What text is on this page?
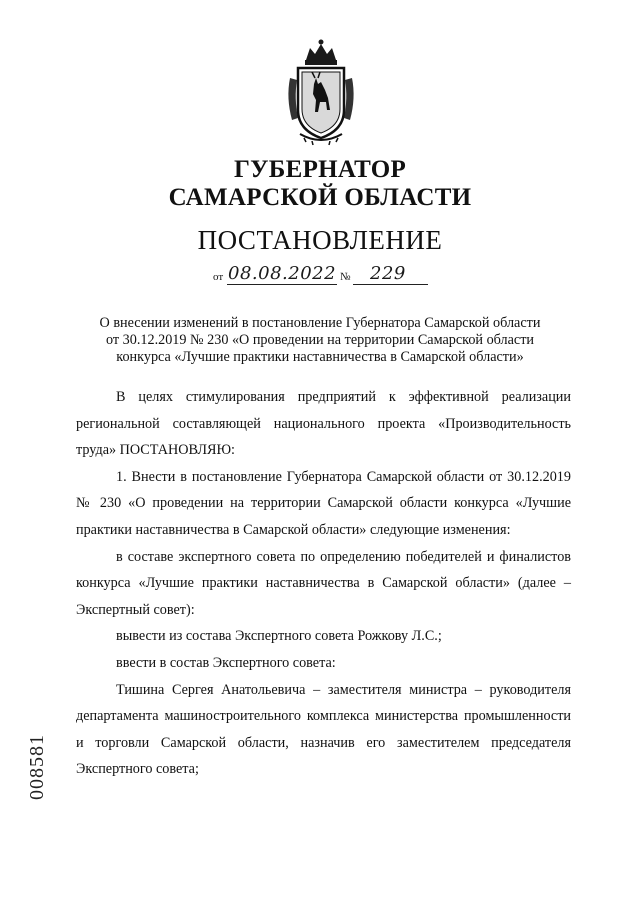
ГУБЕРНАТОР
САМАРСКОЙ ОБЛАСТИ
ПОСТАНОВЛЕНИЕ
от 08.08.2022 № 229
О внесении изменений в постановление Губернатора Самарской области
от 30.12.2019 № 230 «О проведении на территории Самарской области
конкурса «Лучшие практики наставничества в Самарской области»

В целях стимулирования предприятий к эффективной реализации региональной составляющей национального проекта «Производительность труда» ПОСТАНОВЛЯЮ:

1. Внести в постановление Губернатора Самарской области от 30.12.2019 № 230 «О проведении на территории Самарской области конкурса «Лучшие практики наставничества в Самарской области» следующие изменения:

в составе экспертного совета по определению победителей и финалистов конкурса «Лучшие практики наставничества в Самарской области» (далее – Экспертный совет):

вывести из состава Экспертного совета Рожкову Л.С.;

ввести в состав Экспертного совета:

Тишина Сергея Анатольевича – заместителя министра – руководителя департамента машиностроительного комплекса министерства промышленности и торговли Самарской области, назначив его заместителем председателя Экспертного совета;

008581
